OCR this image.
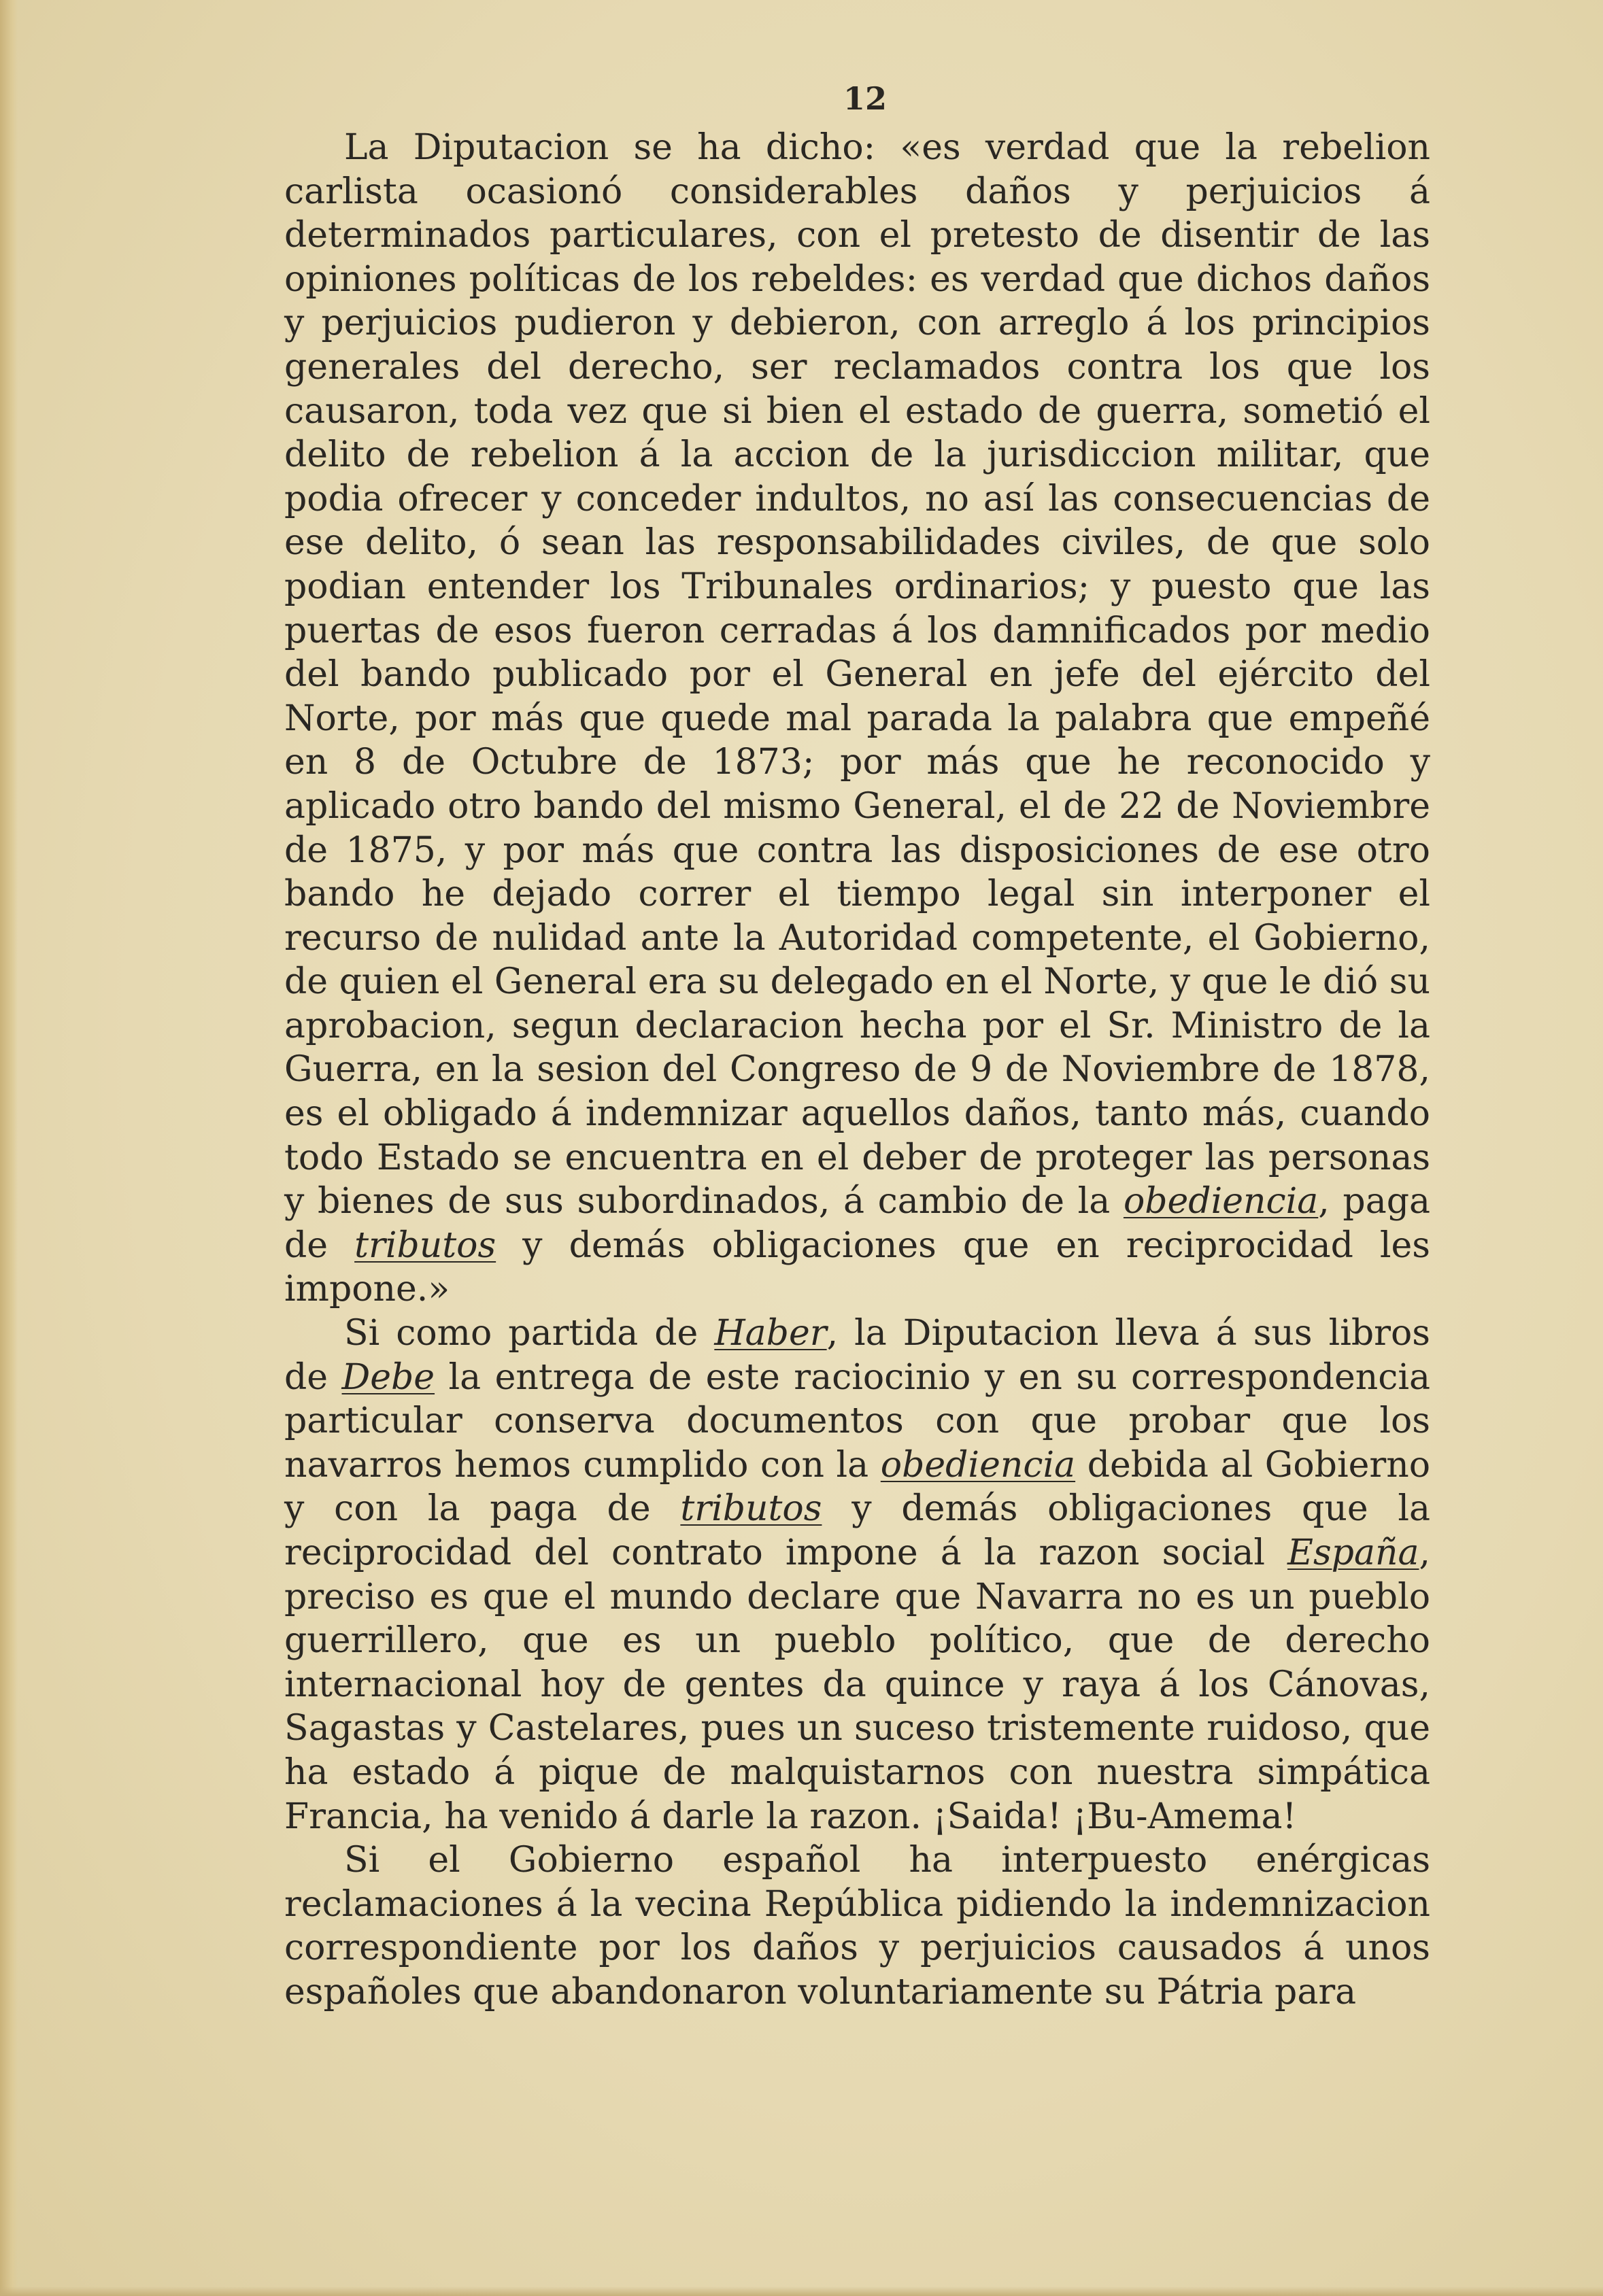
12

La Diputacion se ha dicho: «es verdad que la rebelion carlista ocasionó considerables daños y perjuicios á determinados particulares, con el pretesto de disentir de las opiniones políticas de los rebeldes: es verdad que dichos daños y perjuicios pudieron y debieron, con arreglo á los principios generales del derecho, ser reclamados contra los que los causaron, toda vez que si bien el estado de guerra, sometió el delito de rebelion á la accion de la jurisdiccion militar, que podia ofrecer y conceder indultos, no así las consecuencias de ese delito, ó sean las responsabilidades civiles, de que solo podian entender los Tribunales ordinarios; y puesto que las puertas de esos fueron cerradas á los damnificados por medio del bando publicado por el General en jefe del ejército del Norte, por más que quede mal parada la palabra que empeñé en 8 de Octubre de 1873; por más que he reconocido y aplicado otro bando del mismo General, el de 22 de Noviembre de 1875, y por más que contra las disposiciones de ese otro bando he dejado correr el tiempo legal sin interponer el recurso de nulidad ante la Autoridad competente, el Gobierno, de quien el General era su delegado en el Norte, y que le dió su aprobacion, segun declaracion hecha por el Sr. Ministro de la Guerra, en la sesion del Congreso de 9 de Noviembre de 1878, es el obligado á indemnizar aquellos daños, tanto más, cuando todo Estado se encuentra en el deber de proteger las personas y bienes de sus subordinados, á cambio de la obediencia, paga de tributos y demás obligaciones que en reciprocidad les impone.»

Si como partida de Haber, la Diputacion lleva á sus libros de Debe la entrega de este raciocinio y en su correspondencia particular conserva documentos con que probar que los navarros hemos cumplido con la obediencia debida al Gobierno y con la paga de tributos y demás obligaciones que la reciprocidad del contrato impone á la razon social España, preciso es que el mundo declare que Navarra no es un pueblo guerrillero, que es un pueblo político, que de derecho internacional hoy de gentes da quince y raya á los Cánovas, Sagastas y Castelares, pues un suceso tristemente ruidoso, que ha estado á pique de malquistarnos con nuestra simpática Francia, ha venido á darle la razon. ¡Saida! ¡Bu-Amema!

Si el Gobierno español ha interpuesto enérgicas reclamaciones á la vecina República pidiendo la indemnizacion correspondiente por los daños y perjuicios causados á unos españoles que abandonaron voluntariamente su Pátria para
